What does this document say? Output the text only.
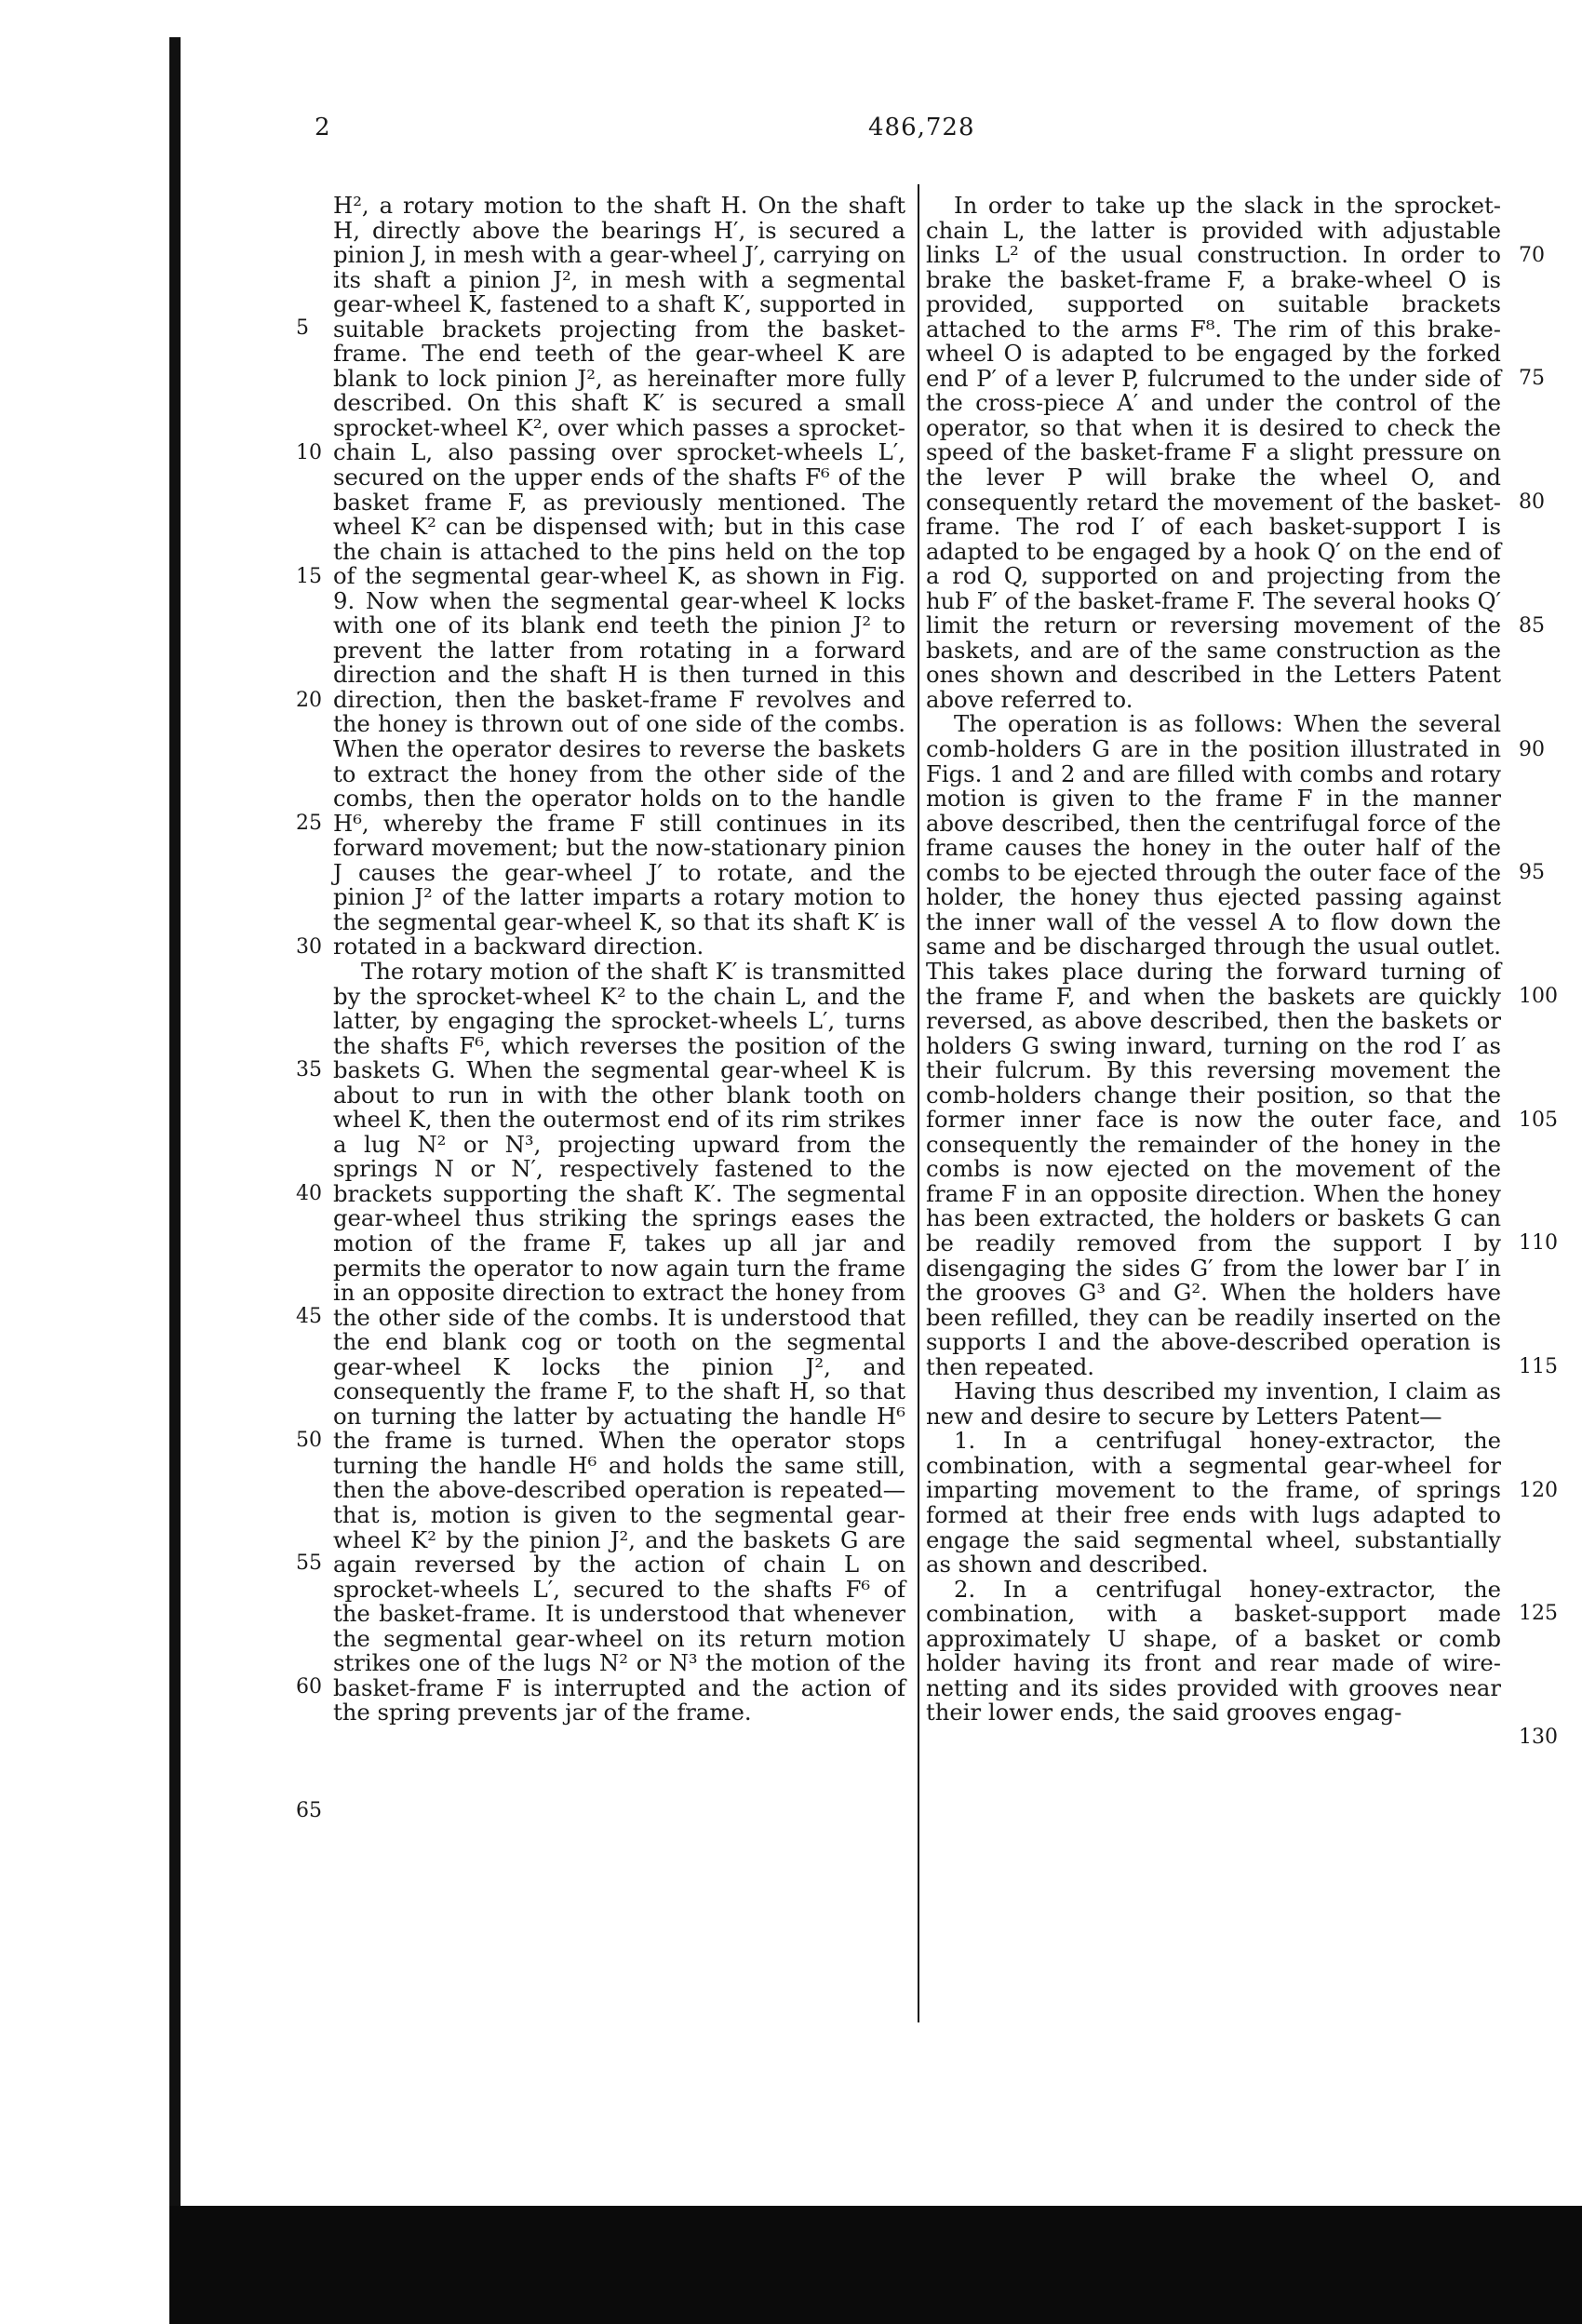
2	486,728

H², a rotary motion to the shaft H. On the shaft H, directly above the bearings H′, is secured a pinion J, in mesh with a gear-wheel J′, carrying on its shaft a pinion J², in mesh with a segmental gear-wheel K, fastened to a shaft K′, supported in suitable brackets projecting from the basket-frame. The end teeth of the gear-wheel K are blank to lock pinion J², as hereinafter more fully described. On this shaft K′ is secured a small sprocket-wheel K², over which passes a sprocket-chain L, also passing over sprocket-wheels L′, secured on the upper ends of the shafts F⁶ of the basket frame F, as previously mentioned. The wheel K² can be dispensed with; but in this case the chain is attached to the pins held on the top of the segmental gear-wheel K, as shown in Fig. 9. Now when the segmental gear-wheel K locks with one of its blank end teeth the pinion J² to prevent the latter from rotating in a forward direction and the shaft H is then turned in this direction, then the basket-frame F revolves and the honey is thrown out of one side of the combs. When the operator desires to reverse the baskets to extract the honey from the other side of the combs, then the operator holds on to the handle H⁶, whereby the frame F still continues in its forward movement; but the now-stationary pinion J causes the gear-wheel J′ to rotate, and the pinion J² of the latter imparts a rotary motion to the segmental gear-wheel K, so that its shaft K′ is rotated in a backward direction.

The rotary motion of the shaft K′ is transmitted by the sprocket-wheel K² to the chain L, and the latter, by engaging the sprocket-wheels L′, turns the shafts F⁶, which reverses the position of the baskets G. When the segmental gear-wheel K is about to run in with the other blank tooth on wheel K, then the outermost end of its rim strikes a lug N² or N³, projecting upward from the springs N or N′, respectively fastened to the brackets supporting the shaft K′. The segmental gear-wheel thus striking the springs eases the motion of the frame F, takes up all jar and permits the operator to now again turn the frame in an opposite direction to extract the honey from the other side of the combs. It is understood that the end blank cog or tooth on the segmental gear-wheel K locks the pinion J², and consequently the frame F, to the shaft H, so that on turning the latter by actuating the handle H⁶ the frame is turned. When the operator stops turning the handle H⁶ and holds the same still, then the above-described operation is repeated—that is, motion is given to the segmental gear-wheel K² by the pinion J², and the baskets G are again reversed by the action of chain L on sprocket-wheels L′, secured to the shafts F⁶ of the basket-frame. It is understood that whenever the segmental gear-wheel on its return motion strikes one of the lugs N² or N³ the motion of the basket-frame F is interrupted and the action of the spring prevents jar of the frame.

In order to take up the slack in the sprocket-chain L, the latter is provided with adjustable links L² of the usual construction. In order to brake the basket-frame F, a brake-wheel O is provided, supported on suitable brackets attached to the arms F⁸. The rim of this brake-wheel O is adapted to be engaged by the forked end P′ of a lever P, fulcrumed to the under side of the cross-piece A′ and under the control of the operator, so that when it is desired to check the speed of the basket-frame F a slight pressure on the lever P will brake the wheel O, and consequently retard the movement of the basket-frame. The rod I′ of each basket-support I is adapted to be engaged by a hook Q′ on the end of a rod Q, supported on and projecting from the hub F′ of the basket-frame F. The several hooks Q′ limit the return or reversing movement of the baskets, and are of the same construction as the ones shown and described in the Letters Patent above referred to.

The operation is as follows: When the several comb-holders G are in the position illustrated in Figs. 1 and 2 and are filled with combs and rotary motion is given to the frame F in the manner above described, then the centrifugal force of the frame causes the honey in the outer half of the combs to be ejected through the outer face of the holder, the honey thus ejected passing against the inner wall of the vessel A to flow down the same and be discharged through the usual outlet. This takes place during the forward turning of the frame F, and when the baskets are quickly reversed, as above described, then the baskets or holders G swing inward, turning on the rod I′ as their fulcrum. By this reversing movement the comb-holders change their position, so that the former inner face is now the outer face, and consequently the remainder of the honey in the combs is now ejected on the movement of the frame F in an opposite direction. When the honey has been extracted, the holders or baskets G can be readily removed from the support I by disengaging the sides G′ from the lower bar I′ in the grooves G³ and G². When the holders have been refilled, they can be readily inserted on the supports I and the above-described operation is then repeated.

Having thus described my invention, I claim as new and desire to secure by Letters Patent—

1. In a centrifugal honey-extractor, the combination, with a segmental gear-wheel for imparting movement to the frame, of springs formed at their free ends with lugs adapted to engage the said segmental wheel, substantially as shown and described.

2. In a centrifugal honey-extractor, the combination, with a basket-support made approximately U shape, of a basket or comb holder having its front and rear made of wire-netting and its sides provided with grooves near their lower ends, the said grooves engag-

5
10
15
20
25
30
35
40
45
50
55
60
65
70
75
80
85
90
95
100
105
110
115
120
125
130
